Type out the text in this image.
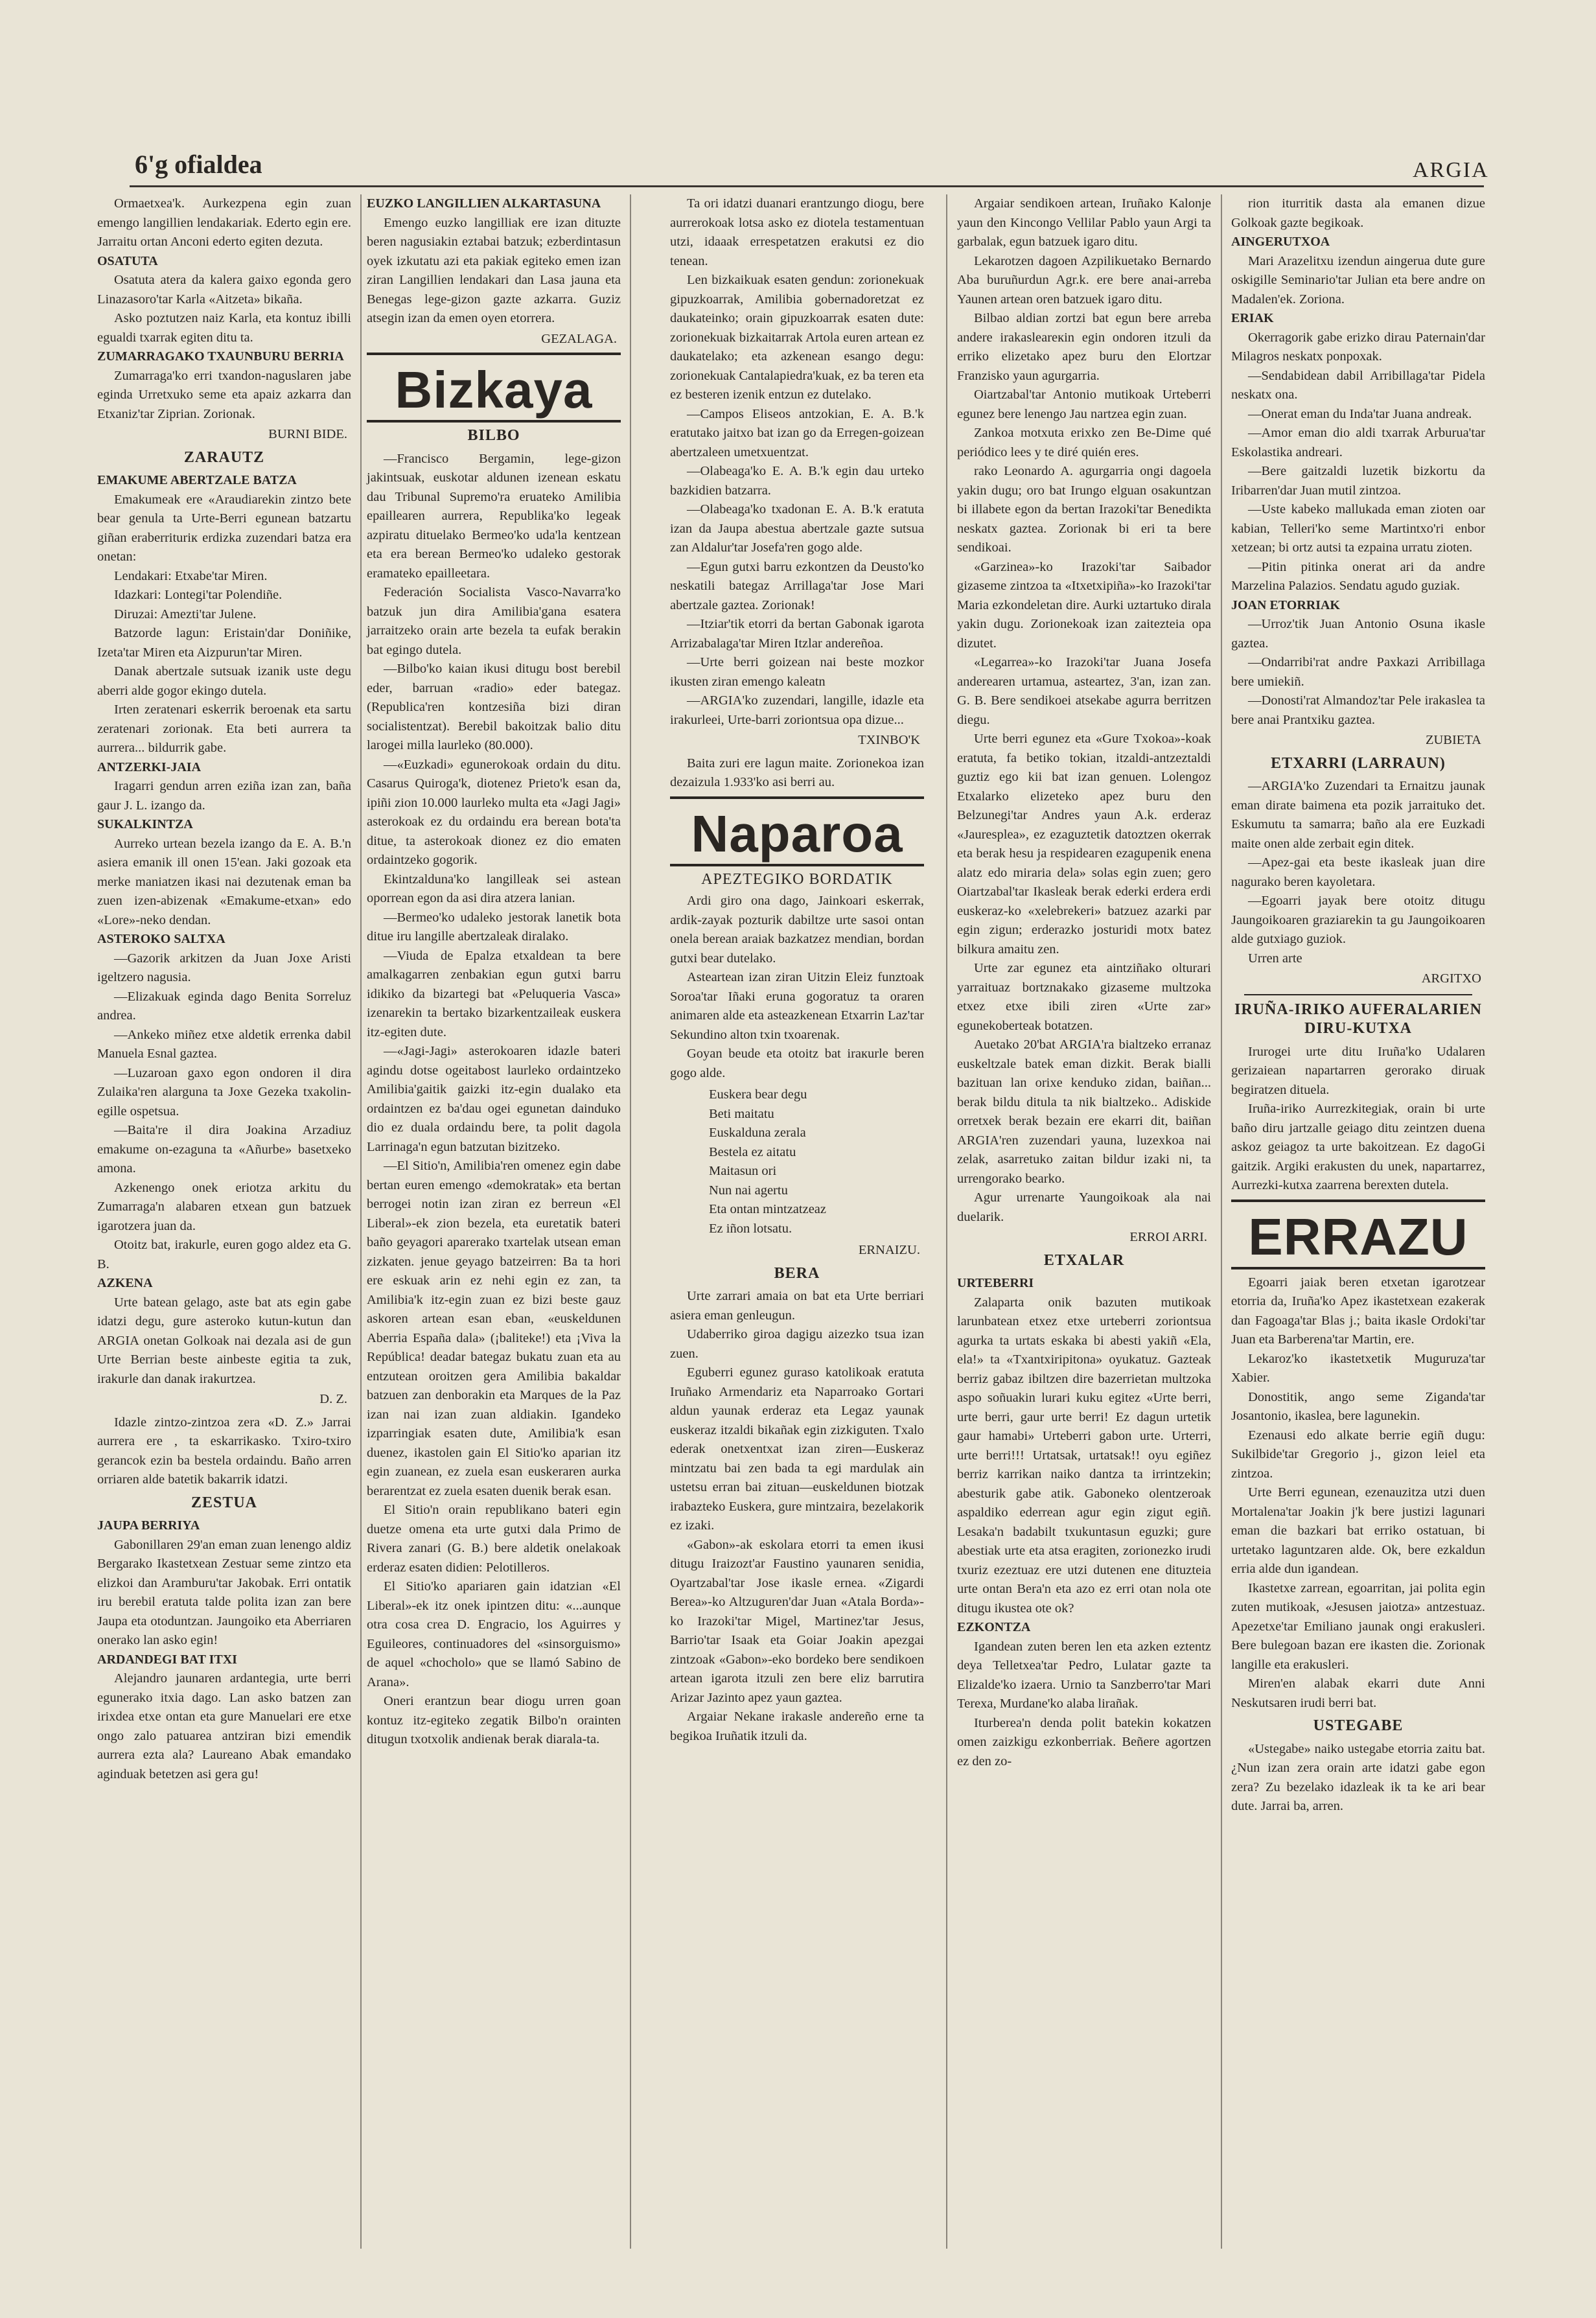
6'g ofialdea	ARGIA
Ormaetxea'k. Aurkezpena egin zuan emengo langillien lendakariak. Ederto egin ere. Jarraitu ortan Anconi ederto egiten dezuta.
OSATUTA
Osatuta atera da kalera gaixo egonda gero Linazasoro'tar Karla «Aitzeta» bikaña.
Asko poztutzen naiz Karla, eta kontuz ibilli egualdi txarrak egiten ditu ta.
ZUMARRAGAKO TXAUNBURU BERRIA
Zumarraga'ko erri txandon-naguslaren jabe eginda Urretxuko seme eta apaiz azkarra dan Etxaniz'tar Ziprian. Zorionak.
BURNI BIDE.
ZARAUTZ
EMAKUME ABERTZALE BATZA
Emakumeak ere «Araudiarekin zintzo bete bear genula ta Urte-Berri egunean batzartu giñan eraberrituriк erdizka zuzendari batza era onetan:
Lendakari: Etxabe'tar Miren.
Idazkari: Lontegi'tar Polendiñe.
Diruzai: Amezti'tar Julene.
Batzorde lagun: Eristain'dar Doniñike, Izeta'tar Miren eta Aizpurun'tar Miren.
Danak abertzale sutsuak izanik uste degu aberri alde gogor ekingo dutela.
Irten zeratenari eskerrik beroenak eta sartu zeratenari zorionak. Eta beti aurrera ta aurrera... bildurrik gabe.
ANTZERKI-JAIA
Iragarri gendun arren eziña izan zan, baña gaur J. L. izango da.
SUKALKINTZA
Aurreko urtean bezela izango da E. A. B.'n asiera emanik ill onen 15'ean. Jaki gozoak eta merke maniatzen ikasi nai dezutenak eman ba zuen izen-abizenak «Emakume-etxan» edo «Lore»-neko dendan.
ASTEROKO SALTXA
—Gazorik arkitzen da Juan Joxe Aristi igeltzero nagusia.
—Elizakuak eginda dago Benita Sorreluz andrea.
—Ankeko miñez etxe aldetik errenka dabil Manuela Esnal gaztea.
—Luzaroan gaxo egon ondoren il dira Zulaika'ren alarguna ta Joxe Gezeka txakolin-egille ospetsua.
—Baita're il dira Joakina Arzadiuz emakume on-ezaguna ta «Añurbe» basetxeko amona.
Azkenengo onek eriotza arkitu du Zumarraga'n alabaren etxean gun batzuek igarotzera juan da.
Otoitz bat, irakurle, euren gogo aldez eta G. B.
AZKENA
Urte batean gelago, aste bat ats egin gabe idatzi degu, gure asteroko kutun-kutun dan ARGIA onetan Golkoak nai dezala asi de gun Urte Berrian beste ainbeste egitia ta zuk, irakurle dan danak irakurtzea.
D. Z.
Idazle zintzo-zintzoa zera «D. Z.» Jarrai aurrera ere , ta eskarrikasko. Txiro-txiro gerancok ezin ba bestela ordaindu. Baño arren orriaren alde batetik bakarrik idatzi.
ZESTUA
JAUPA BERRIYA
Gabonillaren 29'an eman zuan lenengo aldiz Bergarako Ikastetxean Zestuar seme zintzo eta elizkoi dan Aramburu'tar Jakobak. Erri ontatik iru berebil eratuta talde polita izan zan bere Jaupa eta otoduntzan. Jaungoiko eta Aberriaren onerako lan asko egin!
ARDANDEGI BAT ITXI
Alejandro jaunaren ardantegia, urte berri egunerako itxia dago. Lan asko batzen zan irixdea etxe ontan eta gure Manuelari ere etxe ongo zalo patuarea antziran bizi emendik aurrera ezta ala? Laureano Abak emandako aginduak betetzen asi gera gu!
EUZKO LANGILLIEN ALKARTASUNA
Emengo euzko langilliak ere izan dituzte beren nagusiakin eztabai batzuk; ezberdintasun oyek izkutatu azi eta pakiak egiteko emen izan ziran Langillien lendakari dan Lasa jauna eta Benegas lege-gizon gazte azkarra. Guziz atsegin izan da emen oyen etorrera.
GEZALAGA.
Bizkaya
BILBO
—Francisco Bergamin, lege-gizon jakintsuak, euskotar aldunen izenean eskatu dau Tribunal Supremo'ra eruateko Amilibia epaillearen aurrera, Republika'ko legeak azpiratu dituelako Bermeo'ko uda'la kentzean eta era berean Bermeo'ko udaleko gestorak eramateko epailleetara.
Federación Socialista Vasco-Navarra'ko batzuk jun dira Amilibia'gana esatera jarraitzeko orain arte bezela ta eufak berakin bat egingo dutela.
—Bilbo'ko kaian ikusi ditugu bost berebil eder, barruan «radio» eder bategaz. (Republica'ren kontzesiña bizi diran socialistentzat). Berebil bakoitzak balio ditu larogei milla laurleko (80.000).
—«Euzkadi» egunerokoak ordain du ditu. Casarus Quiroga'k, diotenez Prieto'k esan da, ipiñi zion 10.000 laurleko multa eta «Jagi Jagi» asterokoak ez du ordaindu era berean bota'ta ditue, ta asterokoak dionez ez dio ematen ordaintzeko gogorik.
Ekintzalduna'ko langilleak sei astean oporrean egon da asi dira atzera lanian.
—Bermeo'ko udaleko jestorak lanetik bota ditue iru langille abertzaleak diralako.
—Viuda de Epalza etxaldean ta bere amalkagarren zenbakian egun gutxi barru idikiko da bizartegi bat «Peluqueria Vasca» izenarekin ta bertako bizarkentzaileak euskera itz-egiten dute.
—«Jagi-Jagi» asterokoaren idazle bateri agindu dotse ogeitabost laurleko ordaintzeko Amilibia'gaitik gaizki itz-egin dualako eta ordaintzen ez ba'dau ogei egunetan dainduko dio ez duala ordaindu bere, ta polit dagola Larrinaga'n egun batzutan bizitzeko.
—El Sitio'n, Amilibia'ren omenez egin dabe bertan euren emengo «demokratak» eta bertan berrogei notin izan ziran ez berreun «El Liberal»-ek zion bezela, eta euretatik bateri baño geyagori aparerako txartelak utsean eman zizkaten. jenue geyago batzeirren: Ba ta hori ere eskuak arin ez nehi egin ez zan, ta Amilibia'k itz-egin zuan ez bizi beste gauz askoren artean esan eban, «euskeldunen Aberria España dala» (¡baliteke!) eta ¡Viva la República! deadar bategaz bukatu zuan eta au entzutean oroitzen gera Amilibia bakaldar batzuen zan denborakin eta Marques de la Paz izan nai izan zuan aldiakin. Igandeko izparringiak esaten dute, Amilibia'k esan duenez, ikastolen gain El Sitio'ko aparian itz egin zuanean, ez zuela esan euskeraren aurka berarentzat ez zuela esaten duenik berak esan.
El Sitio'n orain republikano bateri egin duetze omena eta urte gutxi dala Primo de Rivera zanari (G. B.) bere aldetik onelakoak erderaz esaten didien: Pelotilleros.
El Sitio'ko apariaren gain idatzian «El Liberal»-ek itz onek ipintzen ditu: «...aunque otra cosa crea D. Engracio, los Aguirres y Eguileores, continuadores del «sinsorguismo» de aquel «chocholo» que se llamó Sabino de Arana».
Oneri erantzun bear diogu urren goan kontuz itz-egiteko zegatik Bilbo'n orainten ditugun txotxolik andienak berak diarala-ta.
Ta ori idatzi duanari erantzungo diogu, bere aurrerokoak lotsa asko ez diotela testamentuan utzi, idaaak errespetatzen erakutsi ez dio tenean.
Len bizkaikuak esaten gendun: zorionekuak gipuzkoarrak, Amilibia gobernadoretzat ez daukateinko; orain gipuzkoarrak esaten dute: zorionekuak bizkaitarrak Artola euren artean ez daukatelako; eta azkenean esango degu: zorionekuak Cantalapiedra'kuak, ez ba teren eta ez besteren izenik entzun ez dutelako.
—Campos Eliseos antzokian, E. A. B.'k eratutako jaitxo bat izan go da Erregen-goizean abertzaleen umetxuentzat.
—Olabeaga'ko E. A. B.'k egin dau urteko bazkidien batzarra.
—Olabeaga'ko txadonan E. A. B.'k eratuta izan da Jaupa abestua abertzale gazte sutsua zan Aldalur'tar Josefa'ren gogo alde.
—Egun gutxi barru ezkontzen da Deusto'ko neskatili bategaz Arrillaga'tar Jose Mari abertzale gaztea. Zorionak!
—Itziar'tik etorri da bertan Gabonak igarota Arrizabalaga'tar Miren Itzlar andereñoa.
—Urte berri goizean nai beste mozkor ikusten ziran emengo kaleatn
—ARGIA'ko zuzendari, langille, idazle eta irakurleei, Urte-barri zoriontsua opa dizue...
TXINBO'K
Baita zuri ere lagun maite. Zorionekoa izan dezaizula 1.933'ko asi berri au.
Naparoa
APEZTEGIKO BORDATIK
Ardi giro ona dago, Jainkoari eskerrak, ardik-zayak pozturik dabiltze urte sasoi ontan onela berean araiak bazkatzez mendian, bordan gutxi bear dutelako.
Asteartean izan ziran Uitzin Eleiz funztoak Soroa'tar Iñaki eruna gogoratuz ta oraren animaren alde eta asteazkenean Etxarrin Laz'tar Sekundino alton txin txoarenak.
Goyan beude eta otoitz bat iraкurle beren gogo alde.
Euskera bear degu
Beti maitatu
Euskalduna zerala
Bestela ez aitatu
Maitasun ori
Nun nai agertu
Eta ontan mintzatzeaz
Ez iñon lotsatu.
ERNAIZU.
BERA
Urte zarrari amaia on bat eta Urte berriari asiera eman genleugun.
Udaberriko giroa dagigu aizezko tsua izan zuen.
Eguberri egunez guraso katolikoak eratuta Iruñako Armendariz eta Naparroako Gortari aldun yaunak erderaz eta Legaz yaunak euskeraz itzaldi bikañak egin zizkiguten. Txalo ederak onetxentxat izan ziren—Euskeraz mintzatu bai zen bada ta egi mardulak ain ustetsu erran bai zituan—euskeldunen biotzak irabaztеko Euskera, gure mintzaira, bezelakorik ez izaki.
«Gabon»-ak eskolara etorri ta emen ikusi ditugu Iraizozt'ar Faustino yaunaren senidia, Oyartzabal'tar Jose ikasle ernea. «Zigardi Berea»-ko Altzuguren'dar Juan «Atala Borda»-ko Irazoki'tar Migel, Martinez'tar Jesus, Barrio'tar Isaak eta Goiar Joakin apezgai zintzoak «Gabon»-eko bordeko bere sendikoen artean igarota itzuli zen bere eliz barrutira Arizar Jazinto apez yaun gaztea.
Argaiar Nekane irakasle andereño erne ta begikoa Iruñatik itzuli da.
Argaiar sendikoen artean, Iruñako Kalonje yaun den Kincongo Vellilar Pablo yaun Argi ta garbalak, egun batzuek igaro ditu.
Lekarotzen dagoen Azpilikuetako Bernardo Aba buruñurdun Agr.k. ere bere anai-arreba Yaunen artean oren batzuek igaro ditu.
Bilbao aldian zortzi bat egun bere arreba andere irakasleareкin egin ondoren itzuli da erriko elizetako apez buru den Elortzar Franzisko yaun agurgarria.
Oiartzabal'tar Antonio mutikoak Urteberri egunez bere lenengo Jau nartzea egin zuan.
Zankoa motxuta erixko zen Be-Dime qué periódico lees y te diré quién eres.
rako Leonardo A. agurgarria ongi dagoela yakin dugu; oro bat Irungo elguan osakuntzan bi illabete egon da bertan Irazoki'tar Benedikta neskatx gaztea. Zorionak bi eri ta bere sendikoai.
«Garzinea»-ko Irazoki'tar Saibador gizaseme zintzoa ta «Itxetxipiña»-ko Irazoki'tar Maria ezkondeletan dire. Aurki uztartuko dirala yakin dugu. Zorionekoak izan zaitezteia opa dizutet.
«Legarrea»-ko Irazoki'tar Juana Josefa andereаren urtamua, asteartez, 3'an, izan zan. G. B. Bere sendikoei atsekabe agurra berritzen diegu.
Urte berri egunez eta «Gure Txokoa»-koak eratuta, fa betiko tokian, itzaldi-antzeztaldi guztiz ego kii bat izan genuen. Lolengoz Etxalarko elizeteko apez buru den Belzunegi'tar Andres yaun A.k. erderaz «Jauresplea», ez ezaguztetik datoztzen okerrak eta berak hesu ja respideaгen ezagupenik enena alatz edo miraria dela» solas egin zuen; gero Oiartzabal'tar Ikasleak berak ederki erdera erdi euskeraz-ko «xelebrekeri» batzuez azarki par egin zigun; erderazko josturidi motx batez bilkura amaitu zen.
Urte zar egunez eta aintziñako olturari yarraituaz bortznakako gizaseme multzoka etxez etxe ibili ziren «Urte zar» egunekoberteak botatzen.
Auetako 20'bat ARGIA'ra bialtzeko erranaz euskeltzale batek eman dizkit. Berak bialli bazituan lan orixe kenduko zidan, baiñan... berak bildu ditula ta nik bialtzeko.. Adiskide orretxek berak bezain ere ekarri dit, baiñan ARGIA'ren zuzendari yauna, luzexkoa nai zelak, asarretuko zaitan bildur izaki ni, ta urrengorako bearko.
Agur urrenarte Yaungoikoak ala nai duelarik.
ERROI ARRI.
ETXALAR
URTEBERRI
Zalaparta onik bazuten mutikoak larunbatean etxez etxe urteberri zoriontsua agurka ta urtats eskaka bi abesti yakiñ «Ela, ela!» ta «Txantxiripitona» oyukatuz. Gazteak berriz gabaz ibiltzen dire bazerrietan multzoka aspo soñuakin lurari kuku egitez «Urte berri, urte berri, gaur urte berri! Ez dagun urtetik gaur hamabi» Urteberri gabon urte. Urterri, urte berri!!! Urtatsak, urtatsak!! oyu egiñez berriz karrikan naiko dantza ta irrintzekin; abesturik gabe atik. Gabonekо olentzeroak aspaldiko ederrean agur egin zigut egiñ. Lesaka'n badabilt txukuntasun eguzki; gure abestiak urte eta atsa eragiten, zorionezko irudi txuriz ezeztuaz ere utzi dutenen ene dituzteia urte ontan Bera'n eta azo ez erri otan nola ote ditugu ikustea ote ok?
EZKONTZA
Igandean zuten beren len eta azken eztentz deya Telletxea'tar Pedro, Lulatar gazte ta Elizalde'ko izaera. Urnio ta Sanzberro'tar Mari Terexa, Murdane'ko alaba lirañak.
Iturberea'n denda polit batekin kokatzen omen zaizkigu ezkonberriak. Beñere agortzen ez den zo-
rion iturritik dasta ala emanen dizue Golkoak gazte begikoak.
AINGERUTXOA
Mari Arazelitxu izendun aingerua dute gure oskigille Seminario'tar Julian eta bere andre on Madalen'ek. Zoriona.
ERIAK
Okerragorik gabe erizko dirau Paternain'dar Milagros neskatx ponpoxak.
—Sendabidean dabil Arribillaga'tar Pidela neskatx ona.
—Onerat eman du Inda'tar Juana andreak.
—Amor eman dio aldi txarrak Arburua'tar Eskolastika andreari.
—Bere gaitzaldi luzetik bizkortu da Iribarren'dar Juan mutil zintzoa.
—Uste kabeko mallukada eman zioten oar kabian, Telleri'ko seme Martintxo'ri enbor xetzean; bi ortz autsi ta ezpaina urratu zioten.
—Pitin pitinka onerat ari da andre Marzelina Palazios. Sendatu agudo guziak.
JOAN ETORRIAK
—Urroz'tik Juan Antonio Osuna ikasle gaztea.
—Ondarribi'rat andre Paxkazi Arribillaga bere umiekiñ.
—Donosti'rat Almandoz'tar Pele irakaslea ta bere anai Prantxiku gaztea.
ZUBIETA
ETXARRI (LARRAUN)
—ARGIA'ko Zuzendari ta Ernaitzu jaunak eman dirate baimena eta pozik jarraituko det. Eskumutu ta samarra; baño ala ere Euzkadi maite onen alde zerbait egin ditek.
—Apez-gai eta beste ikasleak juan dire nagurako beren kayoletara.
—Egoarri jayak bere otoitz ditugu Jaungoikoaren graziarekin ta gu Jaungoikoaren alde gutxiago guziok.
Urren arte
ARGITXO
IRUÑA-IRIKO AUFERALARIEN DIRU-KUTXA
Irurogei urte ditu Iruña'ko Udalaren gerizaiean napartarren gerorako diruak begiratzen dituela.
Iruña-iriko Aurrezkitegiak, orain bi urte baño diru jartzalle geiago ditu zeintzen duena askoz geiagoz ta urte bakoitzean. Ez dagoGi gaitzik. Argiki erakusten du unek, napartarrez, Aurrezki-kutxa zaarrena berexten dutela.
ERRAZU
Egoarri jaiak beren etxetan igarotzear etorria da, Iruña'ko Apez ikastetxean ezakerak dan Fagoaga'tar Blas j.; baita ikasle Ordoki'tar Juan eta Barberena'tar Martin, ere.
Lekaroz'ko ikastetxetik Muguruza'tar Xabier.
Donostitik, ango seme Ziganda'tar Josantonio, ikaslea, bere lagunekin.
Ezenausi edo alkate berrie egiñ dugu: Sukilbide'tar Gregorio j., gizon leiel eta zintzoa.
Urte Berri egunean, ezenauzitza utzi duen Mortalena'tar Joakin j'k bere justizi lagunari eman die bazkari bat erriko ostatuan, bi urtetako laguntzaren alde. Ok, bere ezkaldun erria alde dun igandean.
Ikastetxe zarrean, egoarritan, jai polita egin zuten mutikoak, «Jesusen jaiotza» antzestuaz. Apezetxe'tar Emiliano jaunak ongi erakusleri. Bere bulegoan bazan ere ikasten die. Zorionak langille eta erakusleri.
Miren'en alabak ekarri dute Anni Neskutsaren irudi berri bat.
USTEGABE
«Ustegabe» naiko ustegabe etorria zaitu bat. ¿Nun izan zera orain arte idatzi gabe egon zera? Zu bezelako idazleak ik ta ke ari bear dute. Jarrai ba, arren.
